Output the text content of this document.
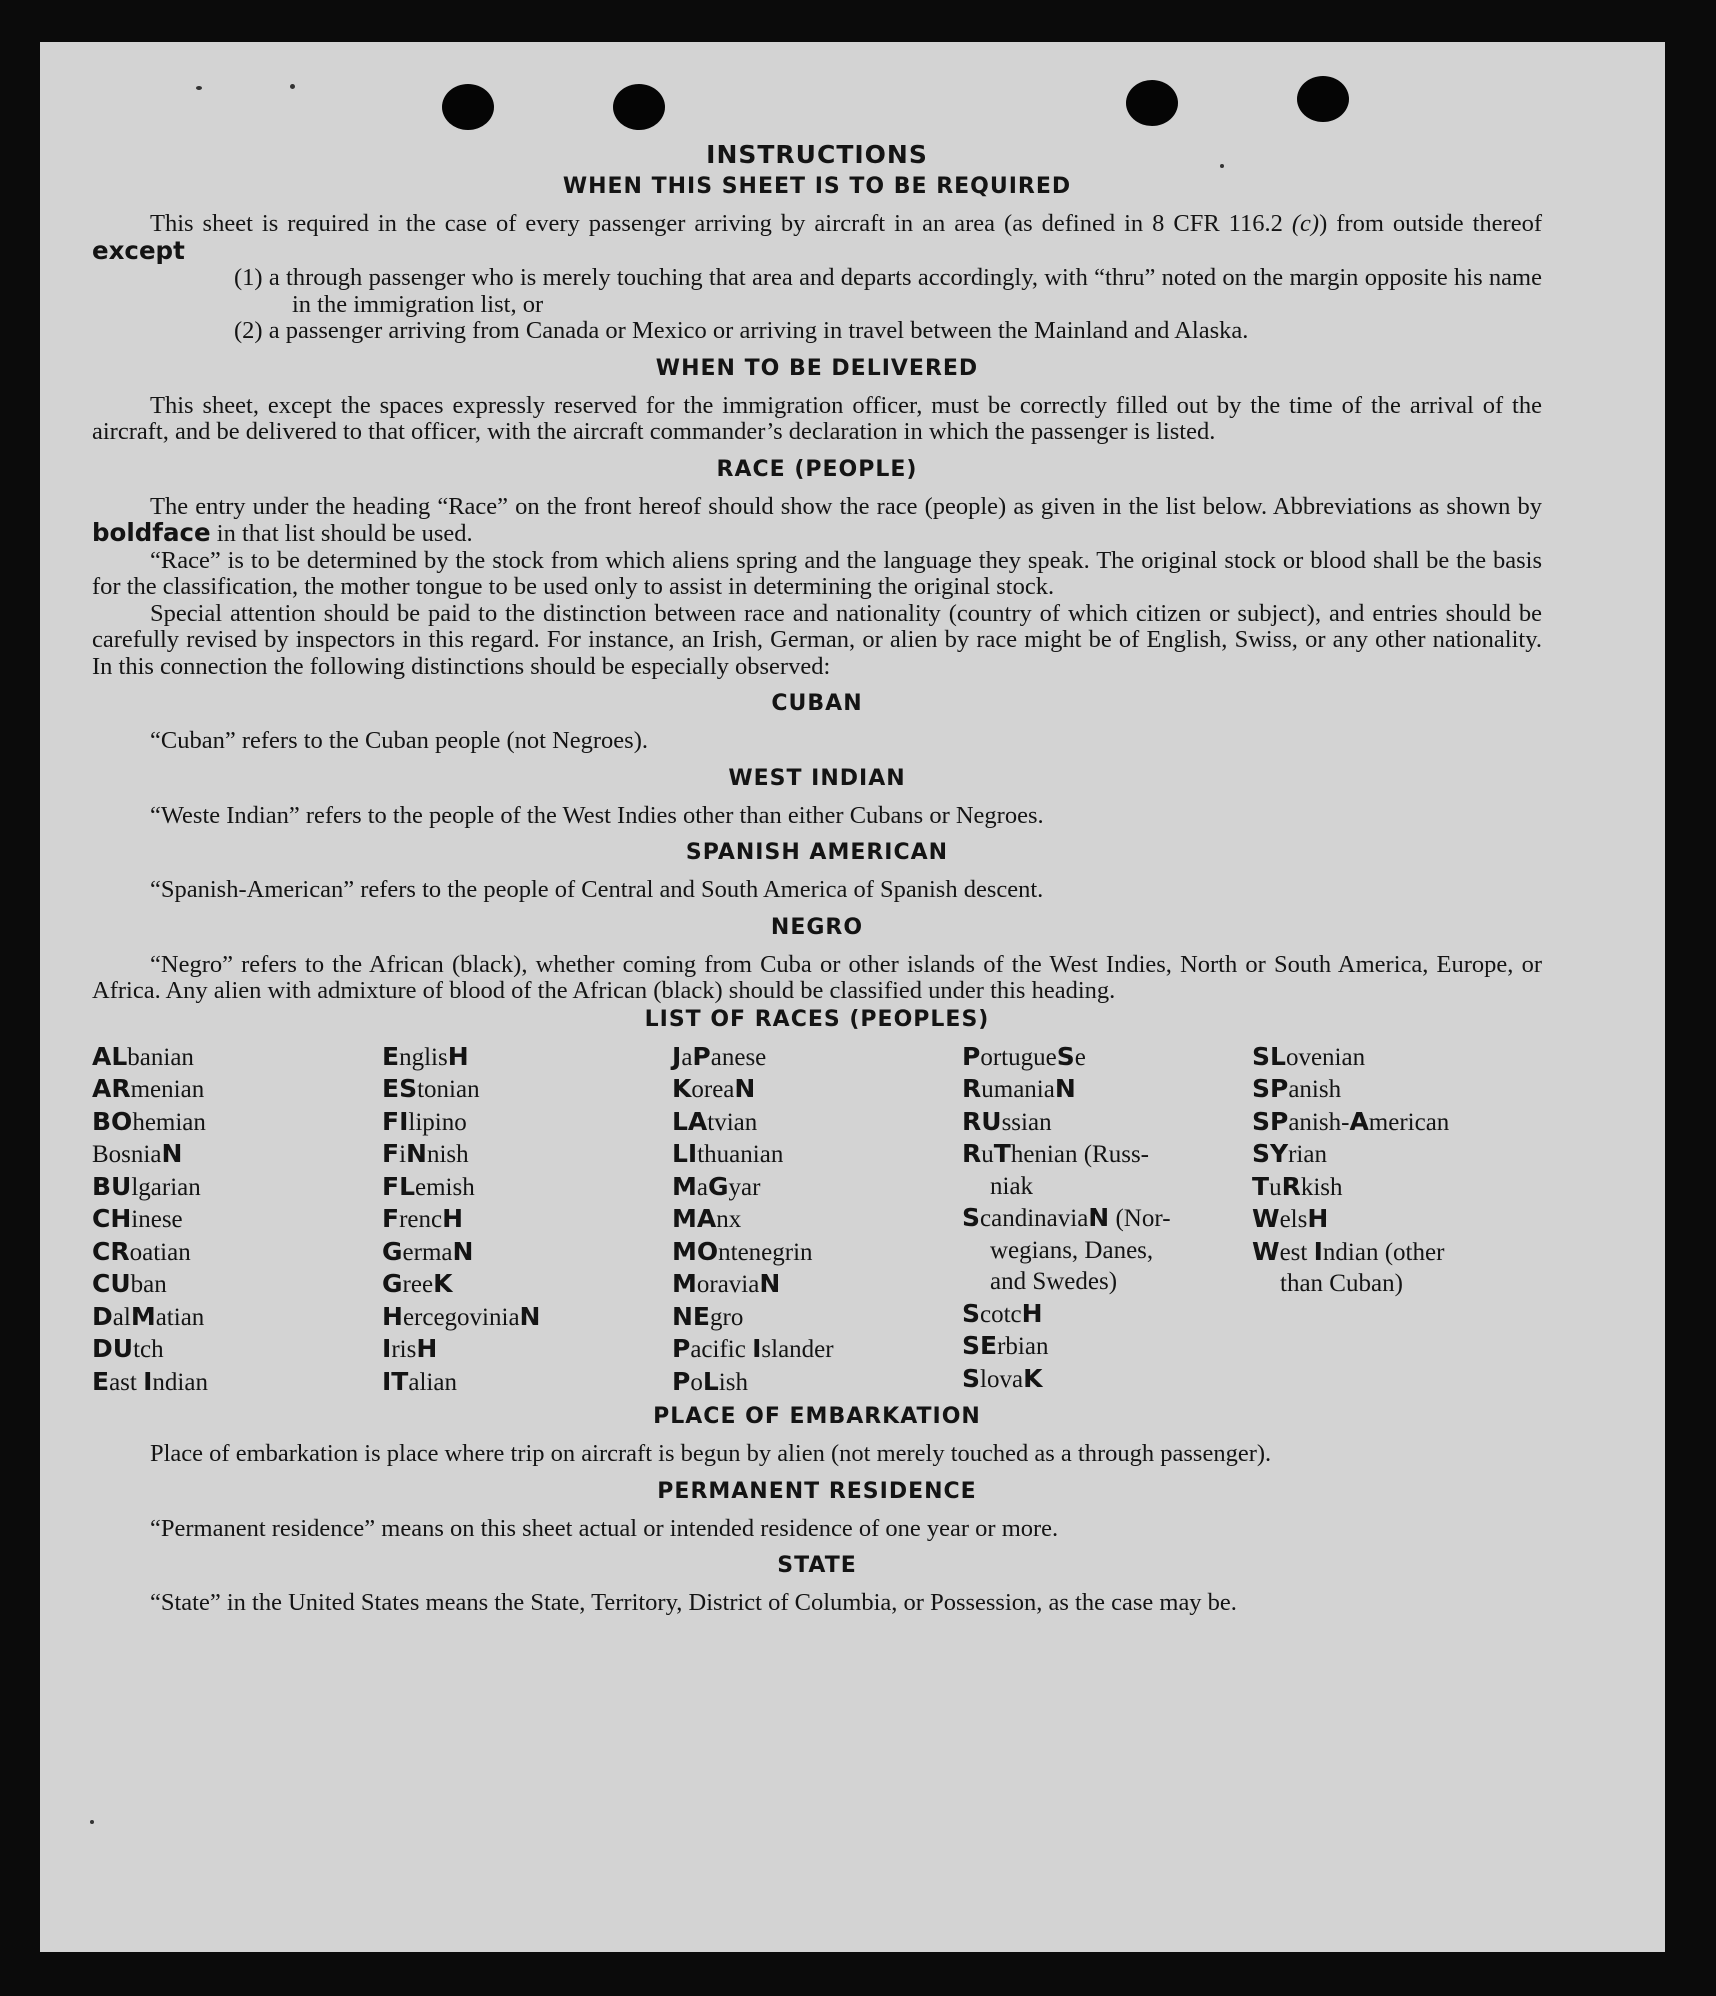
INSTRUCTIONS
WHEN THIS SHEET IS TO BE REQUIRED

This sheet is required in the case of every passenger arriving by aircraft in an area (as defined in 8 CFR 116.2 (c)) from outside thereof except

(1) a through passenger who is merely touching that area and departs accordingly, with “thru” noted on the margin opposite his name in the immigration list, or
(2) a passenger arriving from Canada or Mexico or arriving in travel between the Mainland and Alaska.
WHEN TO BE DELIVERED

This sheet, except the spaces expressly reserved for the immigration officer, must be correctly filled out by the time of the arrival of the aircraft, and be delivered to that officer, with the aircraft commander’s declaration in which the passenger is listed.

RACE (PEOPLE)

The entry under the heading “Race” on the front hereof should show the race (people) as given in the list below. Abbreviations as shown by boldface in that list should be used.

“Race” is to be determined by the stock from which aliens spring and the language they speak. The original stock or blood shall be the basis for the classification, the mother tongue to be used only to assist in determining the original stock.

Special attention should be paid to the distinction between race and nationality (country of which citizen or subject), and entries should be carefully revised by inspectors in this regard. For instance, an Irish, German, or alien by race might be of English, Swiss, or any other nationality. In this connection the following distinctions should be especially observed:

CUBAN

“Cuban” refers to the Cuban people (not Negroes).

WEST INDIAN

“Weste Indian” refers to the people of the West Indies other than either Cubans or Negroes.

SPANISH AMERICAN

“Spanish-American” refers to the people of Central and South America of Spanish descent.

NEGRO

“Negro” refers to the African (black), whether coming from Cuba or other islands of the West Indies, North or South America, Europe, or Africa. Any alien with admixture of blood of the African (black) should be classified under this heading.

LIST OF RACES (PEOPLES)
ALbanian
ARmenian
BOhemian
BosniaN
BUlgarian
CHinese
CRoatian
CUban
DalMatian
DUtch
East Indian

EnglisH
EStonian
FIlipino
FiNnish
FLemish
FrencH
GermaN
GreeK
HercegoviniaN
IrisH
ITalian

JaPanese
KoreaN
LAtvian
LIthuanian
MaGyar
MAnx
MOntenegrin
MoraviaN
NEgro
Pacific Islander
PoLish

PortugueSe
RumaniaN
RUssian
RuThenian (Russ-
niak
ScandinaviaN (Nor-
wegians, Danes,
and Swedes)
ScotcH
SErbian
SlovaK

SLovenian
SPanish
SPanish-American
SYrian
TuRkish
WelsH
West Indian (other
than Cuban)
PLACE OF EMBARKATION

Place of embarkation is place where trip on aircraft is begun by alien (not merely touched as a through passenger).

PERMANENT RESIDENCE

“Permanent residence” means on this sheet actual or intended residence of one year or more.

STATE

“State” in the United States means the State, Territory, District of Columbia, or Possession, as the case may be.
